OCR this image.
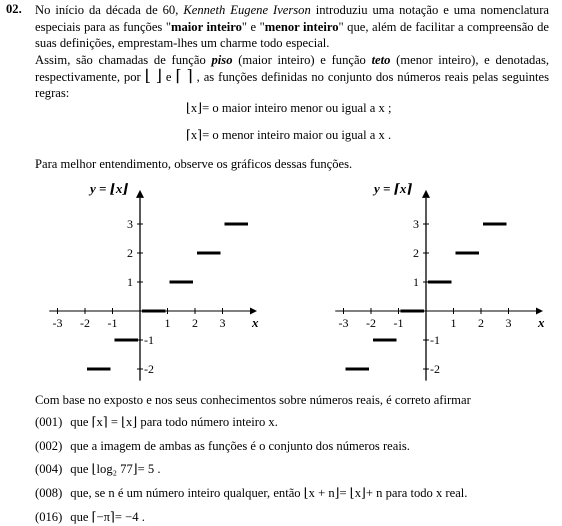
02. No início da década de 60, Kenneth Eugene Iverson introduziu uma notação e uma nomenclatura especiais para as funções "maior inteiro" e "menor inteiro" que, além de facilitar a compreensão de suas definições, emprestam-lhes um charme todo especial.
Assim, são chamadas de função piso (maior inteiro) e função teto (menor inteiro), e denotadas, respectivamente, por ⌊ ⌋ e ⌈ ⌉ , as funções definidas no conjunto dos números reais pelas seguintes regras:
⌊x⌋= o maior inteiro menor ou igual a x ;
⌈x⌉= o menor inteiro maior ou igual a x .
Para melhor entendimento, observe os gráficos dessas funções.
y = ⌊x⌋
-3 -2 -1	1 2 3
3
2
1
-1
-2
x
y = ⌈x⌉
-3 -2 -1	1 2 3
3
2
1
-1
-2
x
Com base no exposto e nos seus conhecimentos sobre números reais, é correto afirmar
(001) que ⌈x⌉ = ⌊x⌋ para todo número inteiro x.
(002) que a imagem de ambas as funções é o conjunto dos números reais.
(004) que ⌊log₂ 77⌋= 5 .
(008) que, se n é um número inteiro qualquer, então ⌊x + n⌋= ⌊x⌋+ n para todo x real.
(016) que ⌈−π⌉= −4 .
